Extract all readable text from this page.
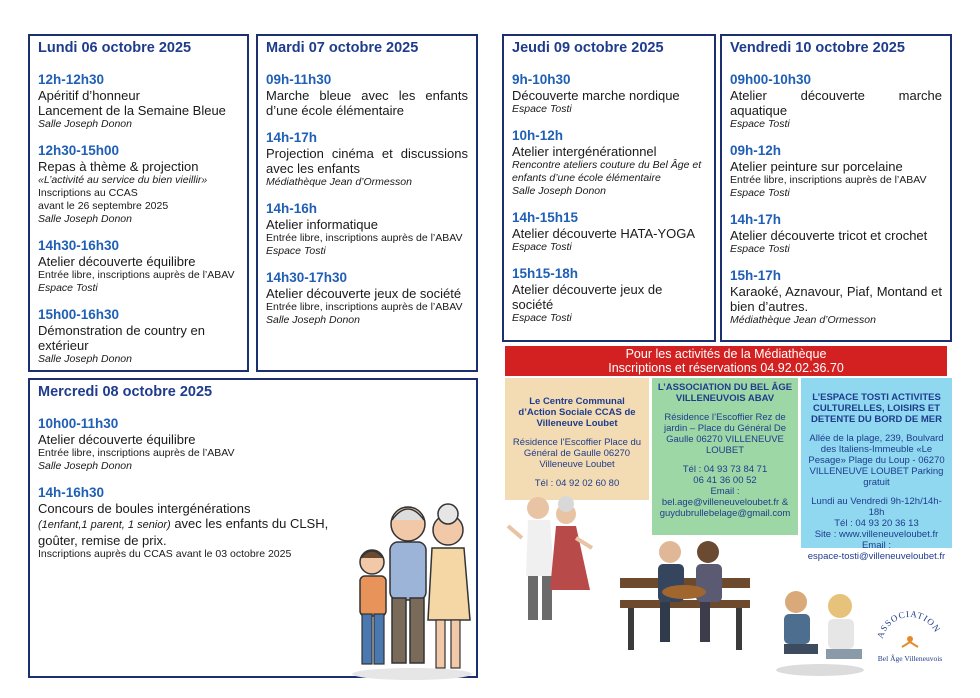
Lundi 06 octobre 2025
12h-12h30
Apéritif d’honneur
Lancement de la Semaine Bleue
Salle Joseph Donon
12h30-15h00
Repas à thème & projection
«L’activité au service du bien vieillir»
Inscriptions au CCAS
avant le 26 septembre 2025
Salle Joseph Donon
14h30-16h30
Atelier découverte équilibre
Entrée libre, inscriptions auprès de l’ABAV
Espace Tosti
15h00-16h30
Démonstration de country en extérieur
Salle Joseph Donon
Mardi 07 octobre 2025
09h-11h30
Marche bleue avec les enfants d’une école élémentaire
14h-17h
Projection cinéma et discussions avec les enfants
Médiathèque Jean d’Ormesson
14h-16h
Atelier informatique
Entrée libre, inscriptions auprès de l’ABAV
Espace Tosti
14h30-17h30
Atelier découverte jeux de société
Entrée libre, inscriptions auprès de l’ABAV
Salle Joseph Donon
Jeudi 09 octobre 2025
9h-10h30
Découverte marche nordique
Espace Tosti
10h-12h
Atelier intergénérationnel
Rencontre ateliers couture du Bel Âge et enfants d’une école élémentaire
Salle Joseph Donon
14h-15h15
Atelier découverte HATA-YOGA
Espace Tosti
15h15-18h
Atelier découverte jeux de société
Espace Tosti
Vendredi 10 octobre 2025
09h00-10h30
Atelier découverte marche aquatique
Espace Tosti
09h-12h
Atelier peinture sur porcelaine
Entrée libre, inscriptions auprès de l’ABAV
Espace Tosti
14h-17h
Atelier découverte tricot et crochet
Espace Tosti
15h-17h
Karaoké, Aznavour, Piaf, Montand et bien d’autres.
Médiathèque Jean d’Ormesson
Mercredi 08 octobre 2025
10h00-11h30
Atelier découverte équilibre
Entrée libre, inscriptions auprès de l’ABAV
Salle Joseph Donon
14h-16h30
Concours de boules intergénérations
(1enfant,1 parent, 1 senior) avec les enfants du CLSH,
goûter, remise de prix.
Inscriptions auprès du CCAS avant le 03 octobre 2025
Pour les activités de la Médiathèque
Inscriptions et réservations 04.92.02.36.70
Le Centre Communal d’Action Sociale CCAS de Villeneuve Loubet
Résidence l’Escoffier Place du Général de Gaulle 06270 Villeneuve Loubet
Tél : 04 92 02 60 80
L’ASSOCIATION DU BEL ÂGE VILLENEUVOIS ABAV
Résidence l’Escoffier Rez de jardin – Place du Général De Gaulle 06270 VILLENEUVE LOUBET
Tél : 04 93 73 84 71
06 41 36 00 52
Email :
bel.age@villeneuveloubet.fr & guydubrullebelage@gmail.com
L’ESPACE TOSTI ACTIVITES CULTURELLES, LOISIRS ET DETENTE DU BORD DE MER
Allée de la plage, 239, Boulvard des Italiens-Immeuble «Le Pesage» Plage du Loup - 06270 VILLENEUVE LOUBET Parking gratuit
Lundi au Vendredi 9h-12h/14h-18h
Tél : 04 93 20 36 13
Site : www.villeneuveloubet.fr
Email :
espace-tosti@villeneuveloubet.fr
ASSOCIATION
Bel Âge Villeneuvois
